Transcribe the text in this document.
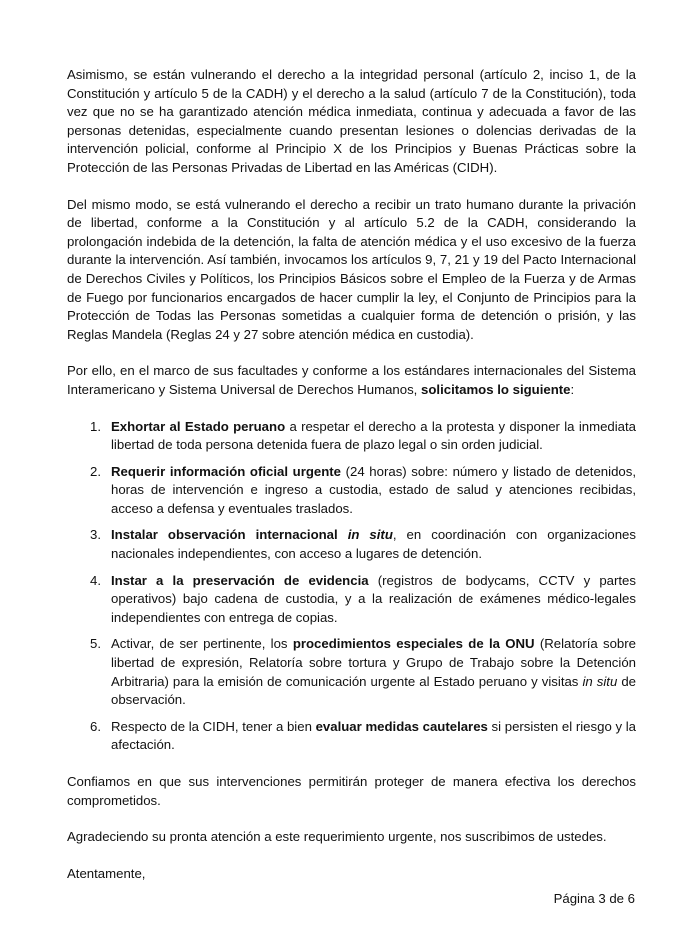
Asimismo, se están vulnerando el derecho a la integridad personal (artículo 2, inciso 1, de la Constitución y artículo 5 de la CADH) y el derecho a la salud (artículo 7 de la Constitución), toda vez que no se ha garantizado atención médica inmediata, continua y adecuada a favor de las personas detenidas, especialmente cuando presentan lesiones o dolencias derivadas de la intervención policial, conforme al Principio X de los Principios y Buenas Prácticas sobre la Protección de las Personas Privadas de Libertad en las Américas (CIDH).

Del mismo modo, se está vulnerando el derecho a recibir un trato humano durante la privación de libertad, conforme a la Constitución y al artículo 5.2 de la CADH, considerando la prolongación indebida de la detención, la falta de atención médica y el uso excesivo de la fuerza durante la intervención. Así también, invocamos los artículos 9, 7, 21 y 19 del Pacto Internacional de Derechos Civiles y Políticos, los Principios Básicos sobre el Empleo de la Fuerza y de Armas de Fuego por funcionarios encargados de hacer cumplir la ley, el Conjunto de Principios para la Protección de Todas las Personas sometidas a cualquier forma de detención o prisión, y las Reglas Mandela (Reglas 24 y 27 sobre atención médica en custodia).

Por ello, en el marco de sus facultades y conforme a los estándares internacionales del Sistema Interamericano y Sistema Universal de Derechos Humanos, solicitamos lo siguiente:

1. Exhortar al Estado peruano a respetar el derecho a la protesta y disponer la inmediata libertad de toda persona detenida fuera de plazo legal o sin orden judicial.
2. Requerir información oficial urgente (24 horas) sobre: número y listado de detenidos, horas de intervención e ingreso a custodia, estado de salud y atenciones recibidas, acceso a defensa y eventuales traslados.
3. Instalar observación internacional in situ, en coordinación con organizaciones nacionales independientes, con acceso a lugares de detención.
4. Instar a la preservación de evidencia (registros de bodycams, CCTV y partes operativos) bajo cadena de custodia, y a la realización de exámenes médico-legales independientes con entrega de copias.
5. Activar, de ser pertinente, los procedimientos especiales de la ONU (Relatoría sobre libertad de expresión, Relatoría sobre tortura y Grupo de Trabajo sobre la Detención Arbitraria) para la emisión de comunicación urgente al Estado peruano y visitas in situ de observación.
6. Respecto de la CIDH, tener a bien evaluar medidas cautelares si persisten el riesgo y la afectación.

Confiamos en que sus intervenciones permitirán proteger de manera efectiva los derechos comprometidos.

Agradeciendo su pronta atención a este requerimiento urgente, nos suscribimos de ustedes.

Atentamente,

Página 3 de 6
